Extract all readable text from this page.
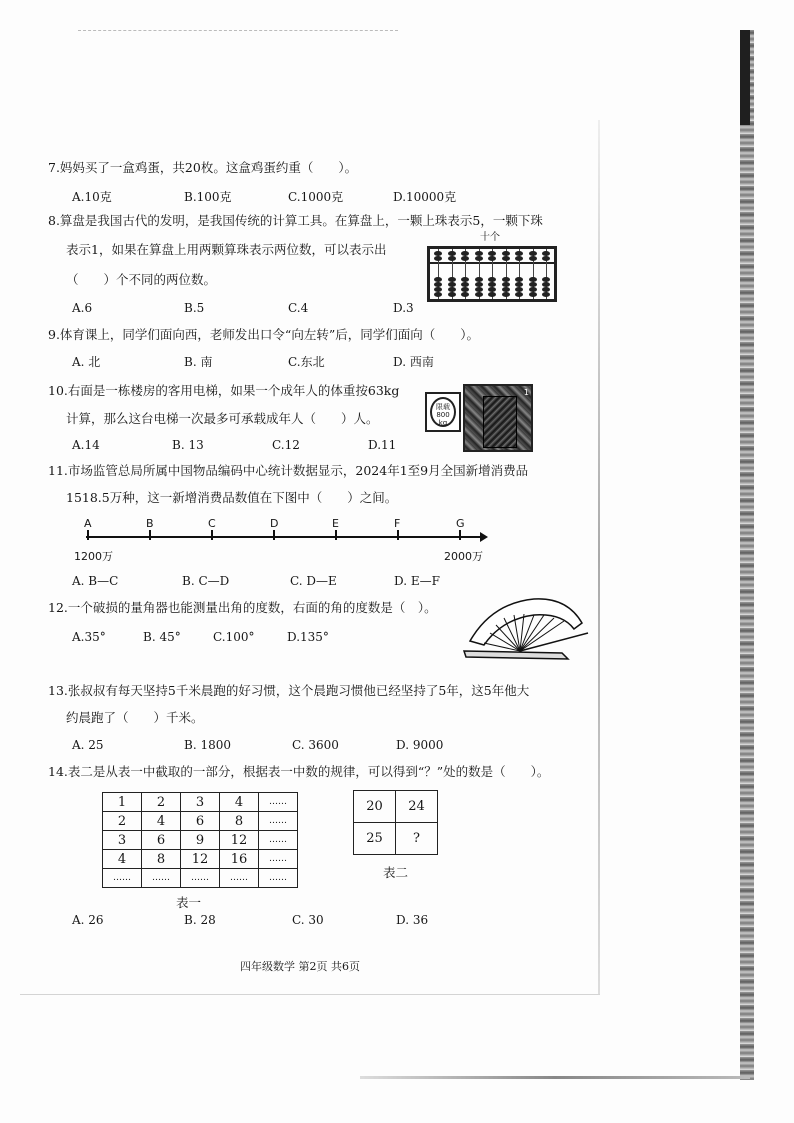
7.妈妈买了一盒鸡蛋，共20枚。这盒鸡蛋约重（　　）。
A.10克	B.100克	C.1000克	D.10000克
8.算盘是我国古代的发明，是我国传统的计算工具。在算盘上，一颗上珠表示5，一颗下珠
表示1，如果在算盘上用两颗算珠表示两位数，可以表示出
（　　）个不同的两位数。
十个
A.6	B.5	C.4	D.3
9.体育课上，同学们面向西，老师发出口令“向左转”后，同学们面向（　　）。
A. 北	B. 南	C.东北	D. 西南
10.右面是一栋楼房的客用电梯，如果一个成年人的体重按63kg
计算，那么这台电梯一次最多可承载成年人（　　）人。
限载
800
kg
1
A.14	B. 13	C.12	D.11
11.市场监管总局所属中国物品编码中心统计数据显示，2024年1至9月全国新增消费品
1518.5万种，这一新增消费品数值在下图中（　　）之间。
A	B	C	D	E	F	G
1200万	2000万
A. B—C	B. C—D	C. D—E	D. E—F
12.一个破损的量角器也能测量出角的度数，右面的角的度数是（　）。
A.35°	B. 45°	C.100°	D.135°
13.张叔叔有每天坚持5千米晨跑的好习惯，这个晨跑习惯他已经坚持了5年，这5年他大
约晨跑了（　　）千米。
A. 25	B. 1800	C. 3600	D. 9000
14.表二是从表一中截取的一部分，根据表一中数的规律，可以得到“？”处的数是（　　）。
1	2	3	4	……
2	4	6	8	……
3	6	9	12	……
4	8	12	16	……
……	……	……	……	……
表一
20	24
25	?
表二
A. 26	B. 28	C. 30	D. 36
四年级数学 第2页 共6页
